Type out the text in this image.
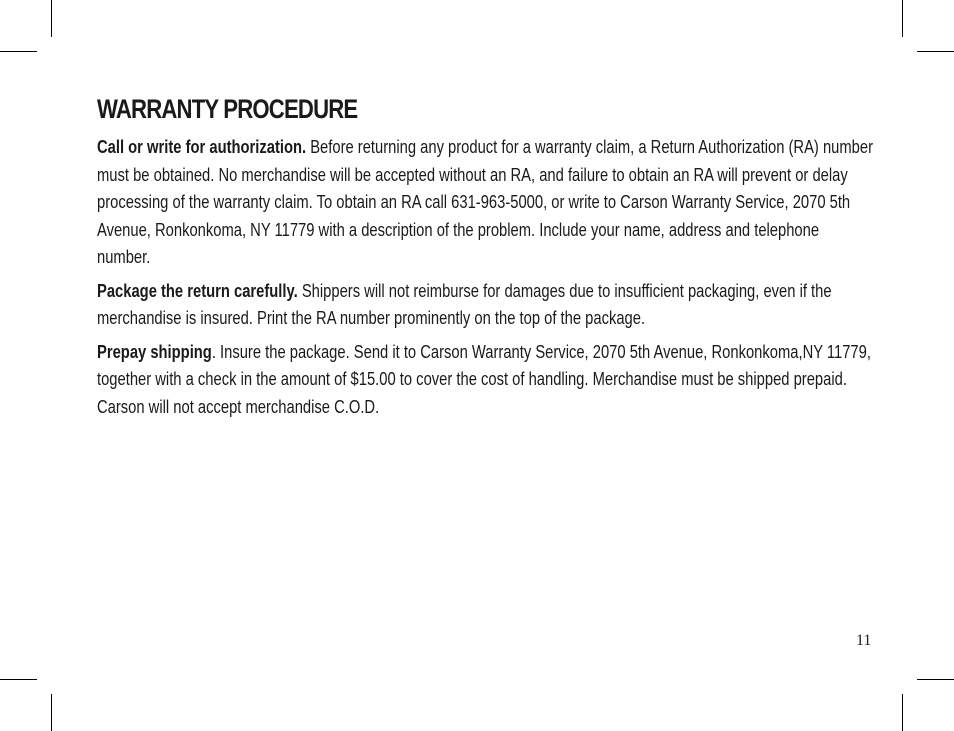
WARRANTY PROCEDURE

Call or write for authorization. Before returning any product for a warranty claim, a Return Authorization (RA) number must be obtained. No merchandise will be accepted without an RA, and failure to obtain an RA will prevent or delay processing of the warranty claim. To obtain an RA call 631-963-5000, or write to Carson Warranty Service, 2070 5th Avenue, Ronkonkoma, NY 11779 with a description of the problem. Include your name, address and telephone number.

Package the return carefully. Shippers will not reimburse for damages due to insufficient packaging, even if the merchandise is insured. Print the RA number prominently on the top of the package.

Prepay shipping. Insure the package. Send it to Carson Warranty Service, 2070 5th Avenue, Ronkonkoma,NY 11779, together with a check in the amount of $15.00 to cover the cost of handling. Merchandise must be shipped prepaid. Carson will not accept merchandise C.O.D.

11
